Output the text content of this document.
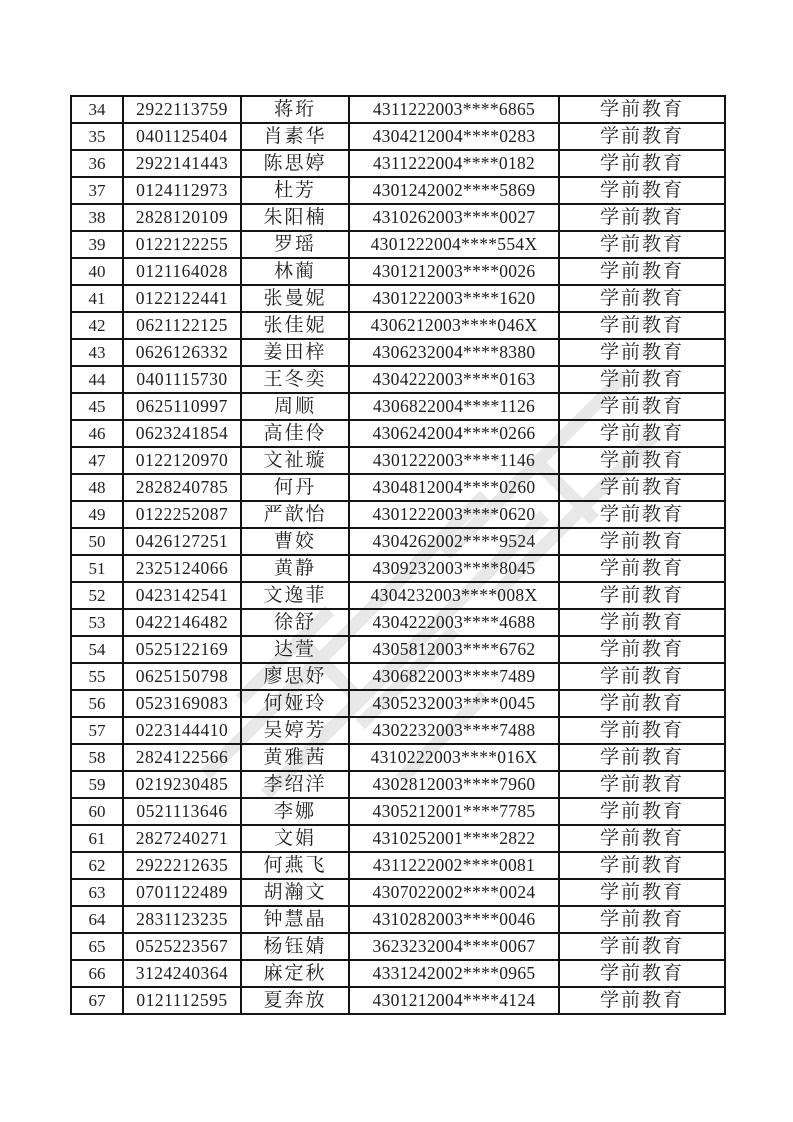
34	2922113759	蒋珩	4311222003****6865	学前教育
35	0401125404	肖素华	4304212004****0283	学前教育
36	2922141443	陈思婷	4311222004****0182	学前教育
37	0124112973	杜芳	4301242002****5869	学前教育
38	2828120109	朱阳楠	4310262003****0027	学前教育
39	0122122255	罗瑶	4301222004****554X	学前教育
40	0121164028	林蔺	4301212003****0026	学前教育
41	0122122441	张曼妮	4301222003****1620	学前教育
42	0621122125	张佳妮	4306212003****046X	学前教育
43	0626126332	姜田梓	4306232004****8380	学前教育
44	0401115730	王冬奕	4304222003****0163	学前教育
45	0625110997	周顺	4306822004****1126	学前教育
46	0623241854	高佳伶	4306242004****0266	学前教育
47	0122120970	文祉璇	4301222003****1146	学前教育
48	2828240785	何丹	4304812004****0260	学前教育
49	0122252087	严歆怡	4301222003****0620	学前教育
50	0426127251	曹姣	4304262002****9524	学前教育
51	2325124066	黄静	4309232003****8045	学前教育
52	0423142541	文逸菲	4304232003****008X	学前教育
53	0422146482	徐舒	4304222003****4688	学前教育
54	0525122169	达萱	4305812003****6762	学前教育
55	0625150798	廖思妤	4306822003****7489	学前教育
56	0523169083	何娅玲	4305232003****0045	学前教育
57	0223144410	吴婷芳	4302232003****7488	学前教育
58	2824122566	黄雅茜	4310222003****016X	学前教育
59	0219230485	李绍洋	4302812003****7960	学前教育
60	0521113646	李娜	4305212001****7785	学前教育
61	2827240271	文娟	4310252001****2822	学前教育
62	2922212635	何燕飞	4311222002****0081	学前教育
63	0701122489	胡瀚文	4307022002****0024	学前教育
64	2831123235	钟慧晶	4310282003****0046	学前教育
65	0525223567	杨钰婧	3623232004****0067	学前教育
66	3124240364	麻定秋	4331242002****0965	学前教育
67	0121112595	夏奔放	4301212004****4124	学前教育
